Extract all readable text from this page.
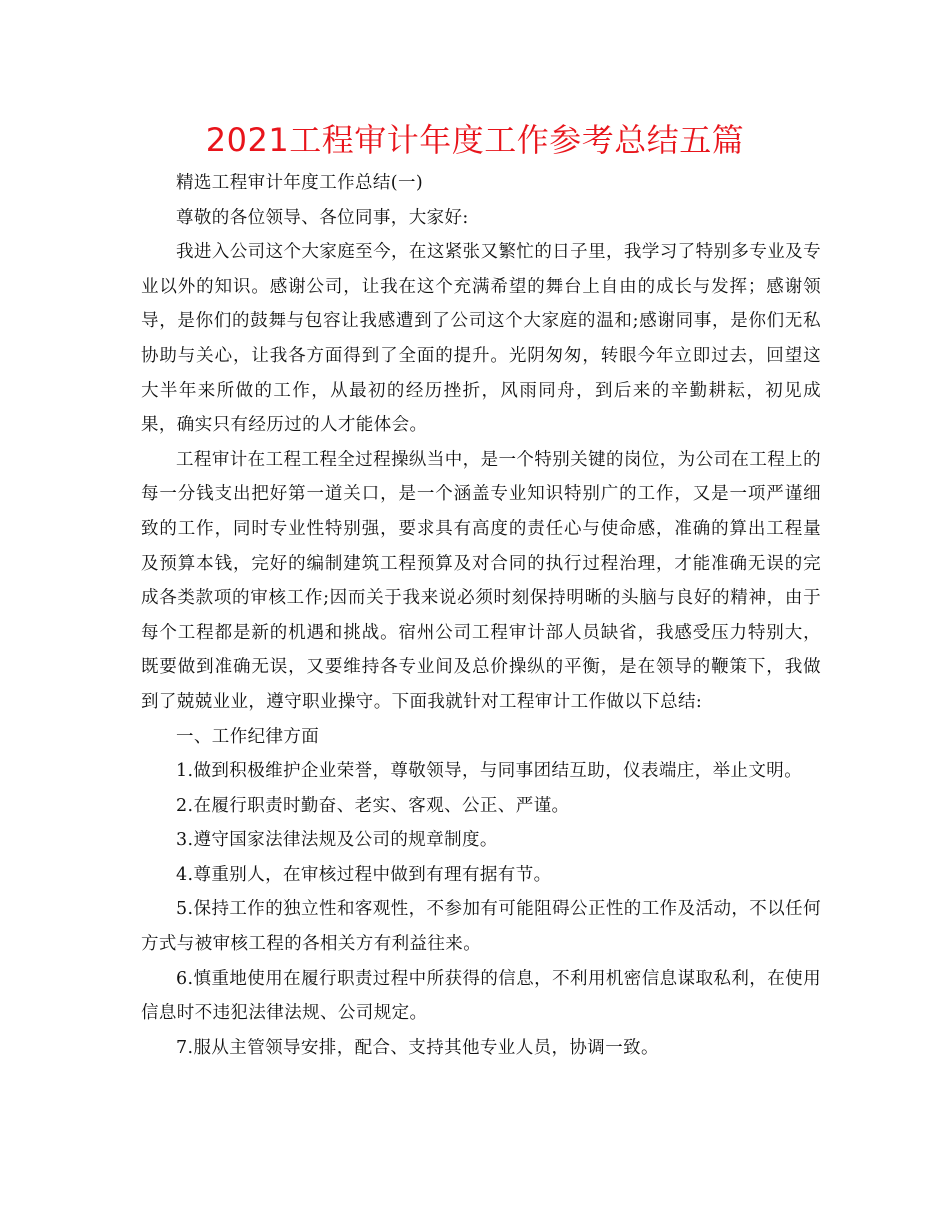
2021工程审计年度工作参考总结五篇

精选工程审计年度工作总结(一)

尊敬的各位领导、各位同事，大家好:

我进入公司这个大家庭至今，在这紧张又繁忙的日子里，我学习了特别多专业及专业以外的知识。感谢公司，让我在这个充满希望的舞台上自由的成长与发挥；感谢领导，是你们的鼓舞与包容让我感遭到了公司这个大家庭的温和;感谢同事，是你们无私协助与关心，让我各方面得到了全面的提升。光阴匆匆，转眼今年立即过去，回望这大半年来所做的工作，从最初的经历挫折，风雨同舟，到后来的辛勤耕耘，初见成果，确实只有经历过的人才能体会。

工程审计在工程工程全过程操纵当中，是一个特别关键的岗位，为公司在工程上的每一分钱支出把好第一道关口，是一个涵盖专业知识特别广的工作，又是一项严谨细致的工作，同时专业性特别强，要求具有高度的责任心与使命感，准确的算出工程量及预算本钱，完好的编制建筑工程预算及对合同的执行过程治理，才能准确无误的完成各类款项的审核工作;因而关于我来说必须时刻保持明晰的头脑与良好的精神，由于每个工程都是新的机遇和挑战。宿州公司工程审计部人员缺省，我感受压力特别大，既要做到准确无误，又要维持各专业间及总价操纵的平衡，是在领导的鞭策下，我做到了兢兢业业，遵守职业操守。下面我就针对工程审计工作做以下总结:

一、工作纪律方面

1.做到积极维护企业荣誉，尊敬领导，与同事团结互助，仪表端庄，举止文明。

2.在履行职责时勤奋、老实、客观、公正、严谨。

3.遵守国家法律法规及公司的规章制度。

4.尊重别人，在审核过程中做到有理有据有节。

5.保持工作的独立性和客观性，不参加有可能阻碍公正性的工作及活动，不以任何方式与被审核工程的各相关方有利益往来。

6.慎重地使用在履行职责过程中所获得的信息，不利用机密信息谋取私利，在使用信息时不违犯法律法规、公司规定。

7.服从主管领导安排，配合、支持其他专业人员，协调一致。
